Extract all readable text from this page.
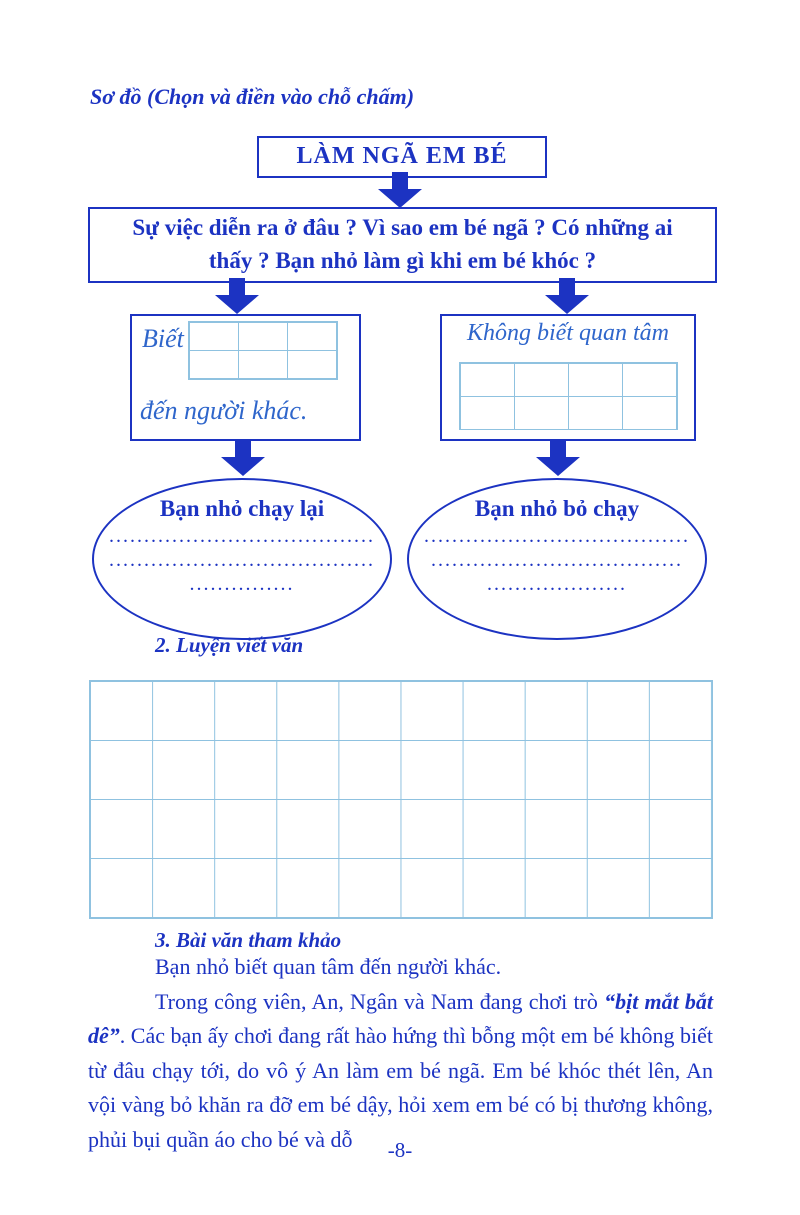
Sơ đồ (Chọn và điền vào chỗ chấm)
LÀM NGÃ EM BÉ
Sự việc diễn ra ở đâu ? Vì sao em bé ngã ? Có những ai
thấy ? Bạn nhỏ làm gì khi em bé khóc ?
Biết
đến người khác.
Không biết quan tâm
Bạn nhỏ chạy lại
......................................
......................................
...............
Bạn nhỏ bỏ chạy
......................................
....................................
....................
2. Luyện viết văn
3. Bài văn tham khảo

Bạn nhỏ biết quan tâm đến người khác.

Trong công viên, An, Ngân và Nam đang chơi trò “bịt mắt bắt dê”. Các bạn ấy chơi đang rất hào hứng thì bỗng một em bé không biết từ đâu chạy tới, do vô ý An làm em bé ngã. Em bé khóc thét lên, An vội vàng bỏ khăn ra đỡ em bé dậy, hỏi xem em bé có bị thương không, phủi bụi quần áo cho bé và dỗ	-8-
